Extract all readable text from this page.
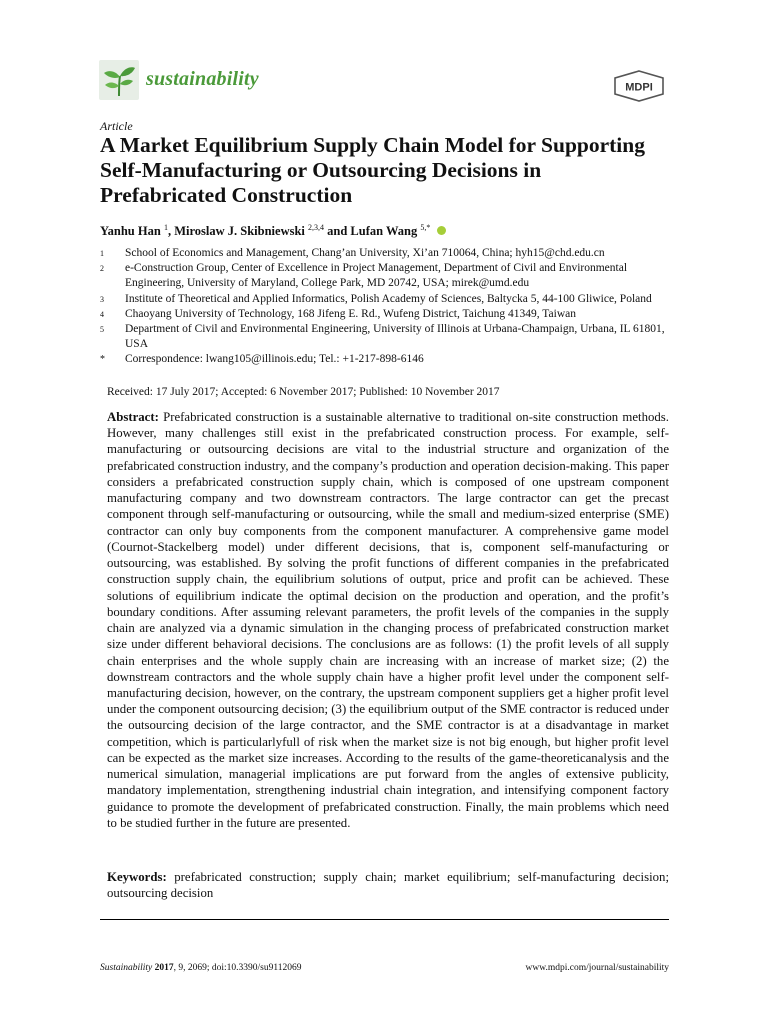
sustainability	MDPI
Article
A Market Equilibrium Supply Chain Model for Supporting Self-Manufacturing or Outsourcing Decisions in Prefabricated Construction
Yanhu Han $^1$, Miroslaw J. Skibniewski $^{2,3,4}$ and Lufan Wang $^{5,*}$
1	School of Economics and Management, Chang’an University, Xi’an 710064, China; hyh15@chd.edu.cn
2	e-Construction Group, Center of Excellence in Project Management, Department of Civil and Environmental Engineering, University of Maryland, College Park, MD 20742, USA; mirek@umd.edu
3	Institute of Theoretical and Applied Informatics, Polish Academy of Sciences, Baltycka 5, 44-100 Gliwice, Poland
4	Chaoyang University of Technology, 168 Jifeng E. Rd., Wufeng District, Taichung 41349, Taiwan
5	Department of Civil and Environmental Engineering, University of Illinois at Urbana-Champaign, Urbana, IL 61801, USA
*	Correspondence: lwang105@illinois.edu; Tel.: +1-217-898-6146
Received: 17 July 2017; Accepted: 6 November 2017; Published: 10 November 2017

Abstract: Prefabricated construction is a sustainable alternative to traditional on-site construction methods. However, many challenges still exist in the prefabricated construction process. For example, self-manufacturing or outsourcing decisions are vital to the industrial structure and organization of the prefabricated construction industry, and the company’s production and operation decision-making. This paper considers a prefabricated construction supply chain, which is composed of one upstream component manufacturing company and two downstream contractors. The large contractor can get the precast component through self-manufacturing or outsourcing, while the small and medium-sized enterprise (SME) contractor can only buy components from the component manufacturer. A comprehensive game model (Cournot-Stackelberg model) under different decisions, that is, component self-manufacturing or outsourcing, was established. By solving the profit functions of different companies in the prefabricated construction supply chain, the equilibrium solutions of output, price and profit can be achieved. These solutions of equilibrium indicate the optimal decision on the production and operation, and the profit’s boundary conditions. After assuming relevant parameters, the profit levels of the companies in the supply chain are analyzed via a dynamic simulation in the changing process of prefabricated construction market size under different behavioral decisions. The conclusions are as follows: (1) the profit levels of all supply chain enterprises and the whole supply chain are increasing with an increase of market size; (2) the downstream contractors and the whole supply chain have a higher profit level under the component self-manufacturing decision, however, on the contrary, the upstream component suppliers get a higher profit level under the component outsourcing decision; (3) the equilibrium output of the SME contractor is reduced under the outsourcing decision of the large contractor, and the SME contractor is at a disadvantage in market competition, which is particularlyfull of risk when the market size is not big enough, but higher profit level can be expected as the market size increases. According to the results of the game-theoreticanalysis and the numerical simulation, managerial implications are put forward from the angles of extensive publicity, mandatory implementation, strengthening industrial chain integration, and intensifying component factory guidance to promote the development of prefabricated construction. Finally, the main problems which need to be studied further in the future are presented.

Keywords: prefabricated construction; supply chain; market equilibrium; self-manufacturing decision; outsourcing decision

Sustainability 2017, 9, 2069; doi:10.3390/su9112069	www.mdpi.com/journal/sustainability
